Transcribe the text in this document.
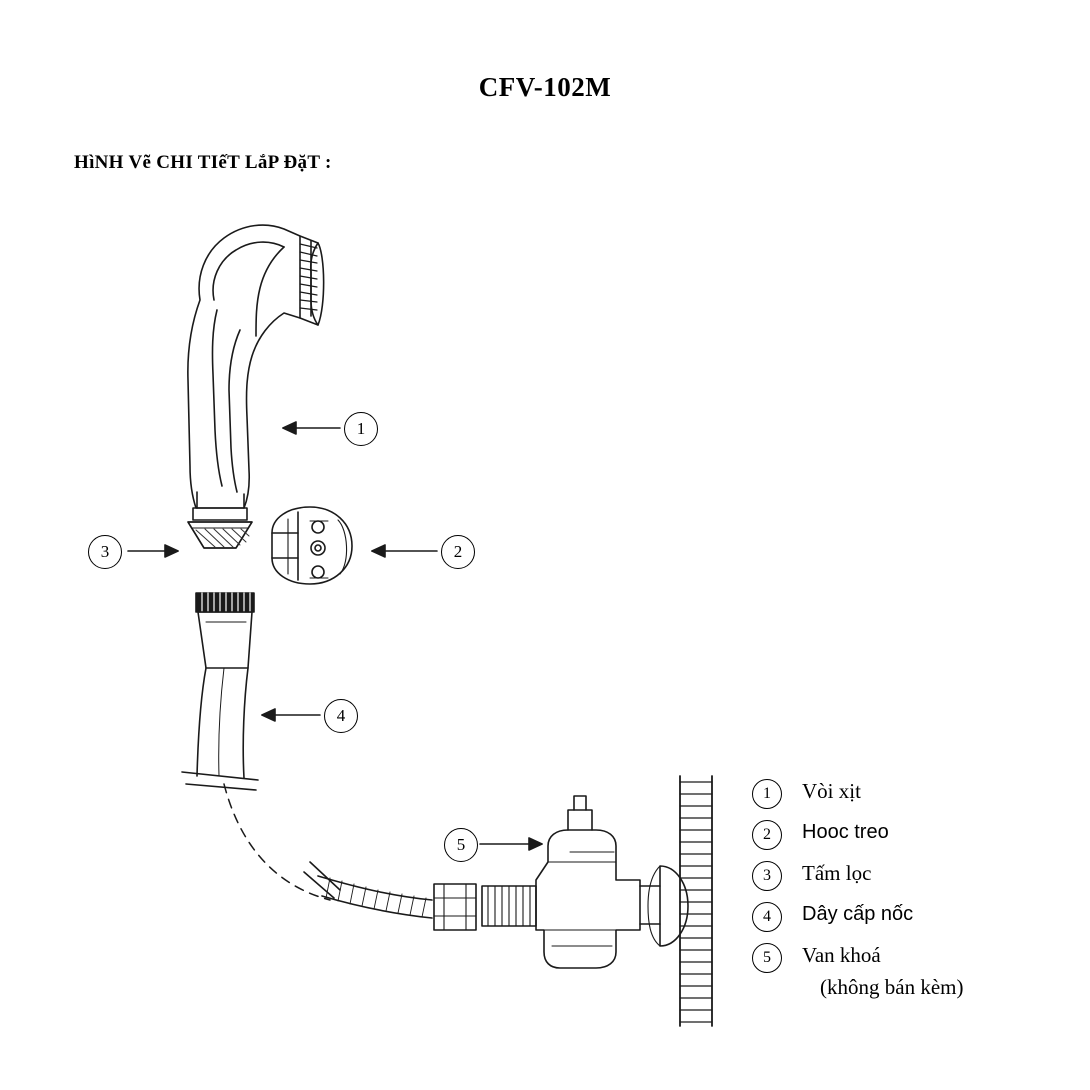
CFV-102M
HìNH Vẽ CHI TIếT LắP ĐặT :
1
2
3
4
5
1	Vòi xịt
2	Hooc treo
3	Tấm lọc
4	Dây cấp nốc
5	Van khoá
(không bán kèm)
